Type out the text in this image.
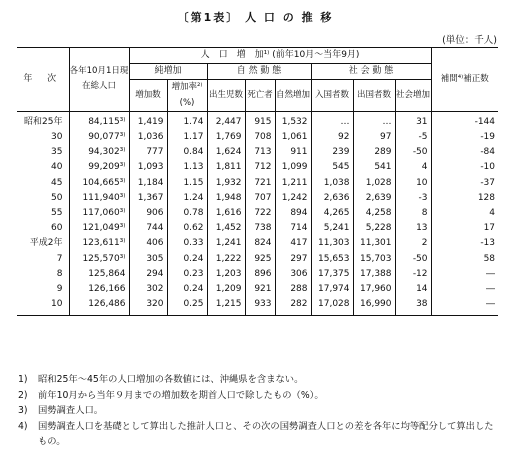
〔第1表〕 人 口 の 推 移
(単位：千人)
年 次	各年10月1日現在総人口	人　口　増　加¹⁾ (前年10月～当年9月)								補間⁴⁾補正数
		純増加		自 然 動 態			社 会 動 態			
		増加数	増加率²⁾(%)	出生児数	死亡者	自然増加	入国者数	出国者数	社会増加	
昭和25年	84,115³⁾	1,419	1.74	2,447	915	1,532	…	…	31	-144
30	90,077³⁾	1,036	1.17	1,769	708	1,061	92	97	-5	-19
35	94,302³⁾	777	0.84	1,624	713	911	239	289	-50	-84
40	99,209³⁾	1,093	1.13	1,811	712	1,099	545	541	4	-10
45	104,665³⁾	1,184	1.15	1,932	721	1,211	1,038	1,028	10	-37
50	111,940³⁾	1,367	1.24	1,948	707	1,242	2,636	2,639	-3	128
55	117,060³⁾	906	0.78	1,616	722	894	4,265	4,258	8	4
60	121,049³⁾	744	0.62	1,452	738	714	5,241	5,228	13	17
平成2年	123,611³⁾	406	0.33	1,241	824	417	11,303	11,301	2	-13
7	125,570³⁾	305	0.24	1,222	925	297	15,653	15,703	-50	58
8	125,864	294	0.23	1,203	896	306	17,375	17,388	-12	―
9	126,166	302	0.24	1,209	921	288	17,974	17,960	14	―
10	126,486	320	0.25	1,215	933	282	17,028	16,990	38	―
1)	昭和25年～45年の人口増加の各数値には、沖縄県を含まない。
2)	前年10月から当年９月までの増加数を期首人口で除したもの（%）。
3)	国勢調査人口。
4)	国勢調査人口を基礎として算出した推計人口と、その次の国勢調査人口との差を各年に均等配分して算出したもの。
